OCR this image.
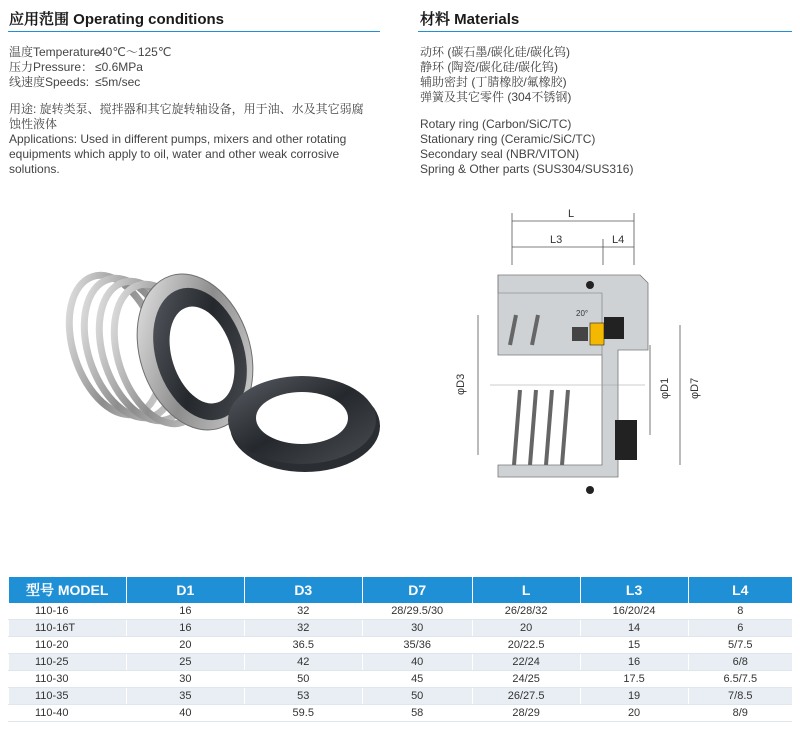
应用范围 Operating conditions
温度Temperature：
-40℃～125℃
压力Pressure： ≤0.6MPa
线速度Speeds: ≤5m/sec
用途: 旋转类泵、搅拌器和其它旋转轴设备，用于油、水及其它弱腐
蚀性液体
Applications: Used in different pumps, mixers and other rotating
equipments which apply to oil, water and other weak corrosive
solutions.
材料 Materials
动环 (碳石墨/碳化硅/碳化钨)
静环 (陶瓷/碳化硅/碳化钨)
辅助密封 (丁腈橡胶/氟橡胶)
弹簧及其它零件 (304不锈钢)
Rotary ring (Carbon/SiC/TC)
Stationary ring (Ceramic/SiC/TC)
Secondary seal (NBR/VITON)
Spring & Other parts (SUS304/SUS316)
L
L3	L4
20°
φD3	φD1 φD7
型号 MODEL	D1	D3	D7	L	L3	L4
110-16	16	32	28/29.5/30	26/28/32	16/20/24	8
110-16T	16	32	30	20	14	6
110-20	20	36.5	35/36	20/22.5	15	5/7.5
110-25	25	42	40	22/24	16	6/8
110-30	30	50	45	24/25	17.5	6.5/7.5
110-35	35	53	50	26/27.5	19	7/8.5
110-40	40	59.5	58	28/29	20	8/9
